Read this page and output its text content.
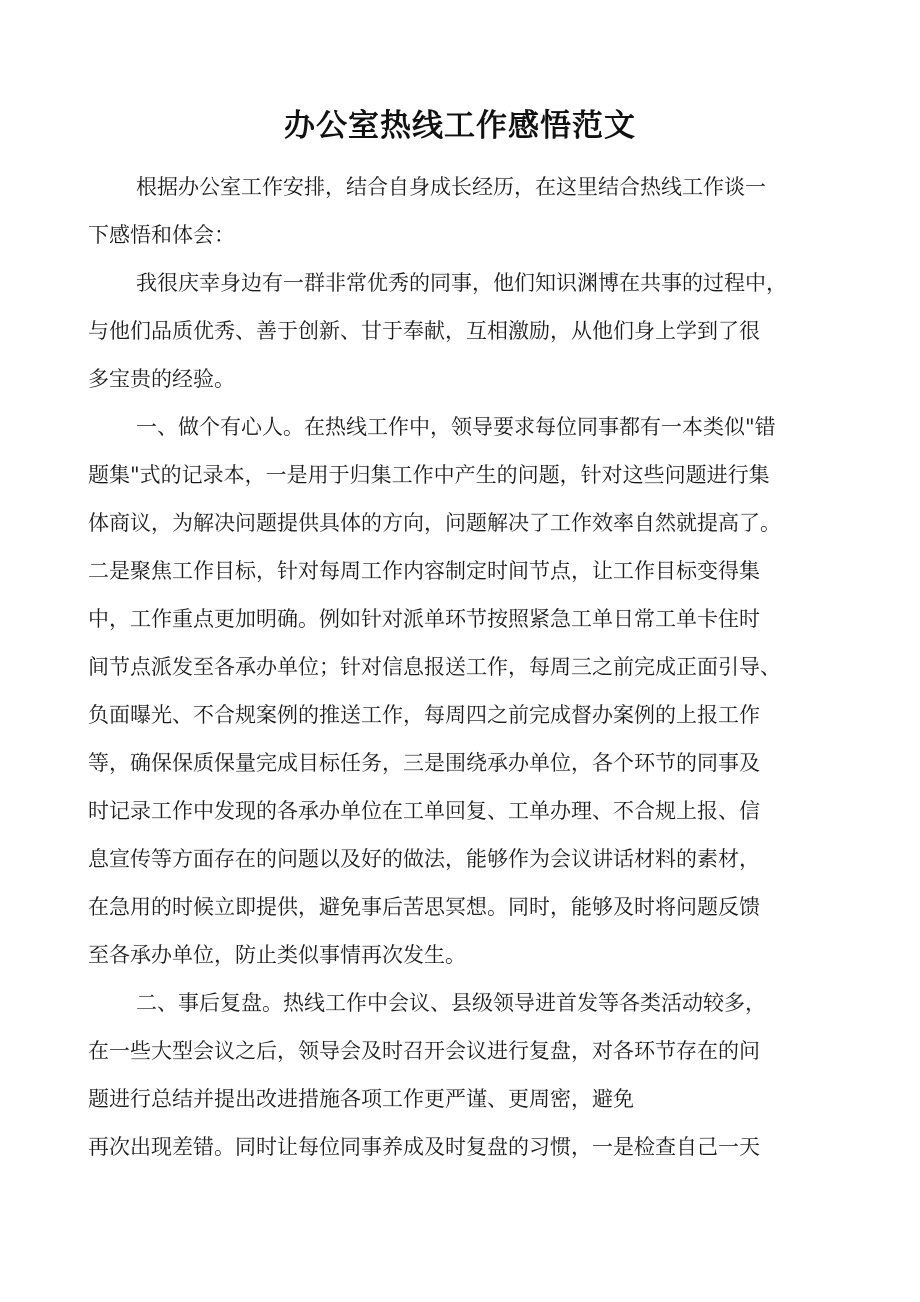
办公室热线工作感悟范文

根据办公室工作安排，结合自身成长经历，在这里结合热线工作谈一

下感悟和体会：

我很庆幸身边有一群非常优秀的同事，他们知识渊博在共事的过程中，

与他们品质优秀、善于创新、甘于奉献，互相激励，从他们身上学到了很

多宝贵的经验。

一、做个有心人。在热线工作中，领导要求每位同事都有一本类似"错

题集"式的记录本，一是用于归集工作中产生的问题，针对这些问题进行集

体商议，为解决问题提供具体的方向，问题解决了工作效率自然就提高了。

二是聚焦工作目标，针对每周工作内容制定时间节点，让工作目标变得集

中，工作重点更加明确。例如针对派单环节按照紧急工单日常工单卡住时

间节点派发至各承办单位；针对信息报送工作，每周三之前完成正面引导、

负面曝光、不合规案例的推送工作，每周四之前完成督办案例的上报工作

等，确保保质保量完成目标任务，三是围绕承办单位，各个环节的同事及

时记录工作中发现的各承办单位在工单回复、工单办理、不合规上报、信

息宣传等方面存在的问题以及好的做法，能够作为会议讲话材料的素材，

在急用的时候立即提供，避免事后苦思冥想。同时，能够及时将问题反馈

至各承办单位，防止类似事情再次发生。

二、事后复盘。热线工作中会议、县级领导进首发等各类活动较多，

在一些大型会议之后，领导会及时召开会议进行复盘，对各环节存在的问

题进行总结并提出改进措施各项工作更严谨、更周密，避免

再次出现差错。同时让每位同事养成及时复盘的习惯，一是检查自己一天
